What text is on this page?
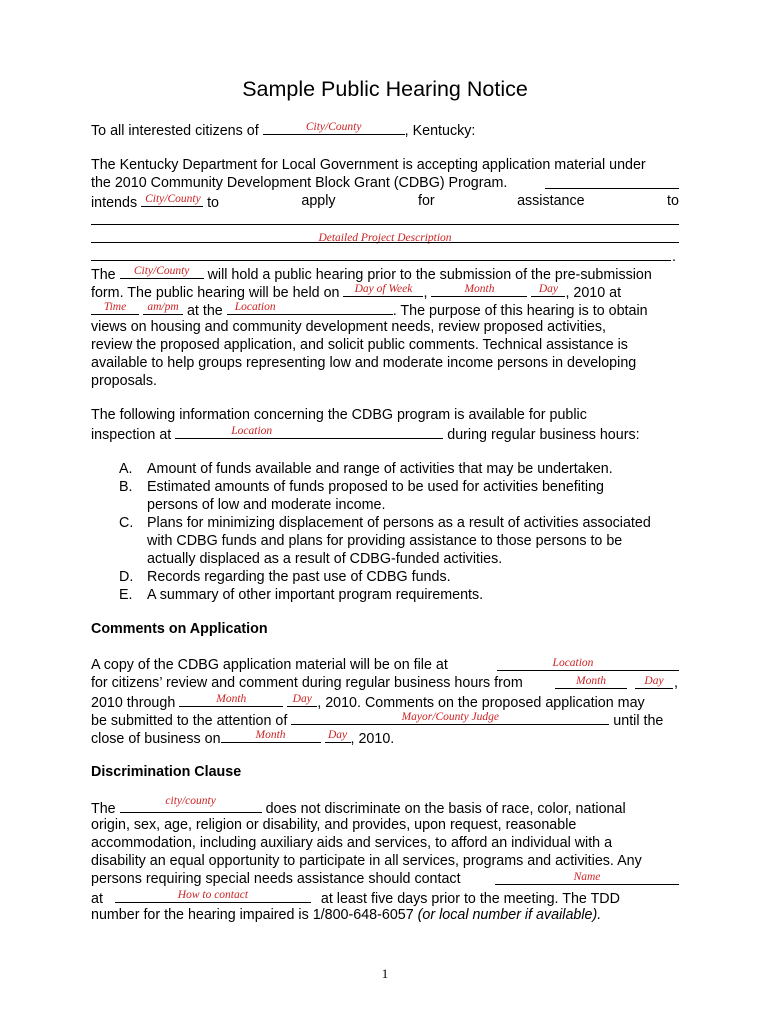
Sample Public Hearing Notice
To all interested citizens of	City/County	, Kentucky:
The Kentucky Department for Local Government is accepting application material under
the 2010 Community Development Block Grant (CDBG) Program.
intends City/County to	apply	for	assistance	to
Detailed Project Description
.
The	City/County	will hold a public hearing prior to the submission of the pre-submission
form. The public hearing will be held on	Day of Week ,	Month
	Day , 2010 at
Time
	am/pm at the Location	. The purpose of this hearing is to obtain
views on housing and community development needs, review proposed activities,
review the proposed application, and solicit public comments. Technical assistance is
available to help groups representing low and moderate income persons in developing
proposals.
The following information concerning the CDBG program is available for public
inspection at	Location	during regular business hours:
A. Amount of funds available and range of activities that may be undertaken.
B. Estimated amounts of funds proposed to be used for activities benefiting
persons of low and moderate income.
C. Plans for minimizing displacement of persons as a result of activities associated
with CDBG funds and plans for providing assistance to those persons to be
actually displaced as a result of CDBG-funded activities.
D. Records regarding the past use of CDBG funds.
E. A summary of other important program requirements.
Comments on Application
A copy of the CDBG application material will be on file at	Location
for citizens’ review and comment during regular business hours from	Month	Day ,
2010 through	Month
	Day , 2010. Comments on the proposed application may
be submitted to the attention of	Mayor/County Judge	until the
close of business on	Month
	Day , 2010.
Discrimination Clause
The	city/county	does not discriminate on the basis of race, color, national
origin, sex, age, religion or disability, and provides, upon request, reasonable
accommodation, including auxiliary aids and services, to afford an individual with a
disability an equal opportunity to participate in all services, programs and activities. Any
persons requiring special needs assistance should contact	Name
at	How to contact	at least five days prior to the meeting. The TDD
number for the hearing impaired is 1/800-648-6057 (or local number if available).
1
